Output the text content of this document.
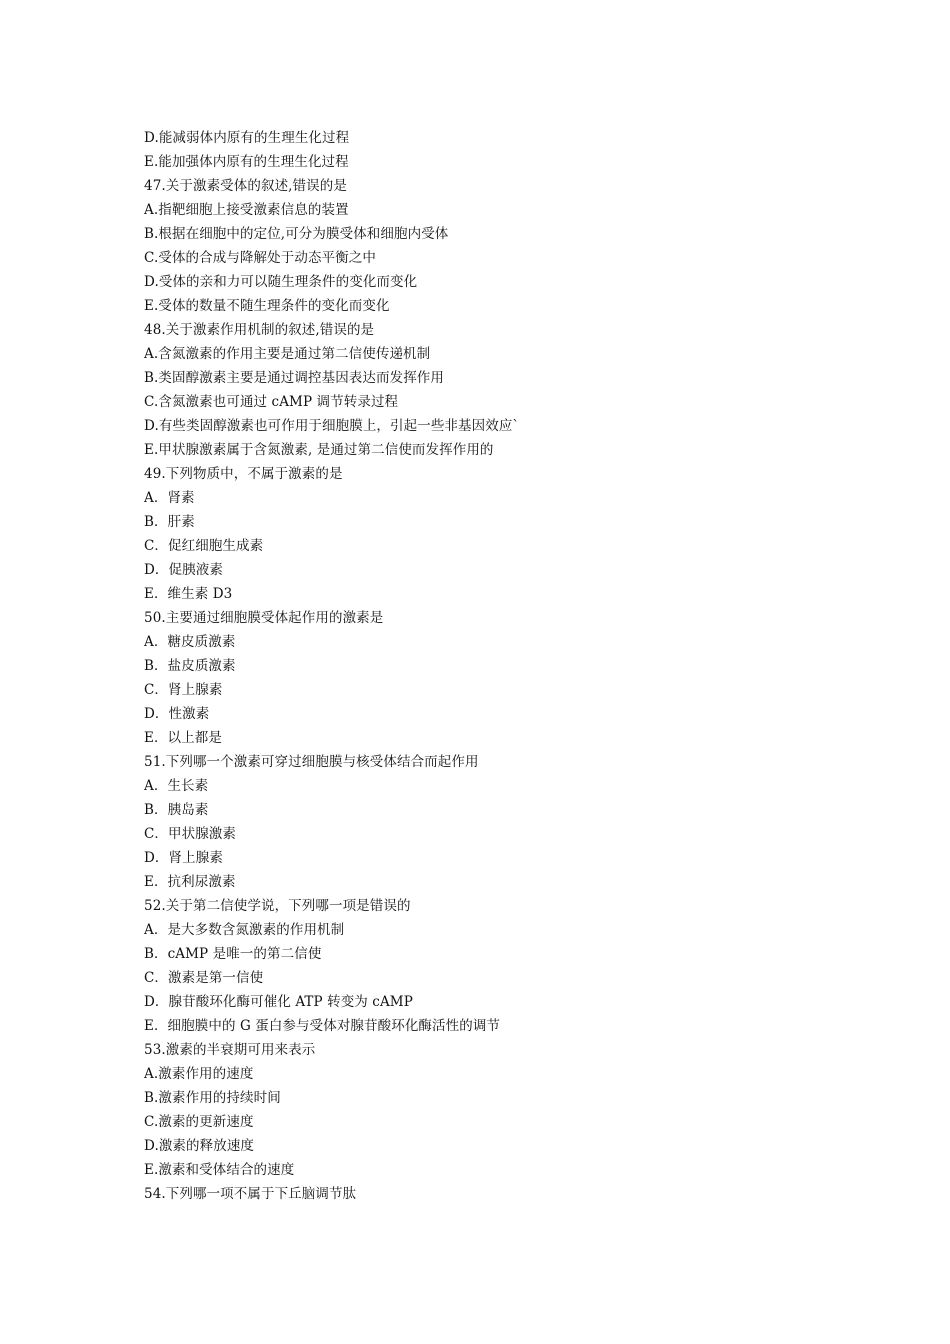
D.能减弱体内原有的生理生化过程
E.能加强体内原有的生理生化过程
47.关于激素受体的叙述,错误的是
A.指靶细胞上接受激素信息的装置
B.根据在细胞中的定位,可分为膜受体和细胞内受体
C.受体的合成与降解处于动态平衡之中
D.受体的亲和力可以随生理条件的变化而变化
E.受体的数量不随生理条件的变化而变化
48.关于激素作用机制的叙述,错误的是
A.含氮激素的作用主要是通过第二信使传递机制
B.类固醇激素主要是通过调控基因表达而发挥作用
C.含氮激素也可通过 cAMP 调节转录过程
D.有些类固醇激素也可作用于细胞膜上，引起一些非基因效应`
E.甲状腺激素属于含氮激素, 是通过第二信使而发挥作用的
49.下列物质中，不属于激素的是
A．肾素
B．肝素
C．促红细胞生成素
D．促胰液素
E．维生素 D3
50.主要通过细胞膜受体起作用的激素是
A．糖皮质激素
B．盐皮质激素
C．肾上腺素
D．性激素
E．以上都是
51.下列哪一个激素可穿过细胞膜与核受体结合而起作用
A．生长素
B．胰岛素
C．甲状腺激素
D．肾上腺素
E．抗利尿激素
52.关于第二信使学说，下列哪一项是错误的
A．是大多数含氮激素的作用机制
B．cAMP 是唯一的第二信使
C．激素是第一信使
D．腺苷酸环化酶可催化 ATP 转变为 cAMP
E．细胞膜中的 G 蛋白参与受体对腺苷酸环化酶活性的调节
53.激素的半衰期可用来表示
A.激素作用的速度
B.激素作用的持续时间
C.激素的更新速度
D.激素的释放速度
E.激素和受体结合的速度
54.下列哪一项不属于下丘脑调节肽
